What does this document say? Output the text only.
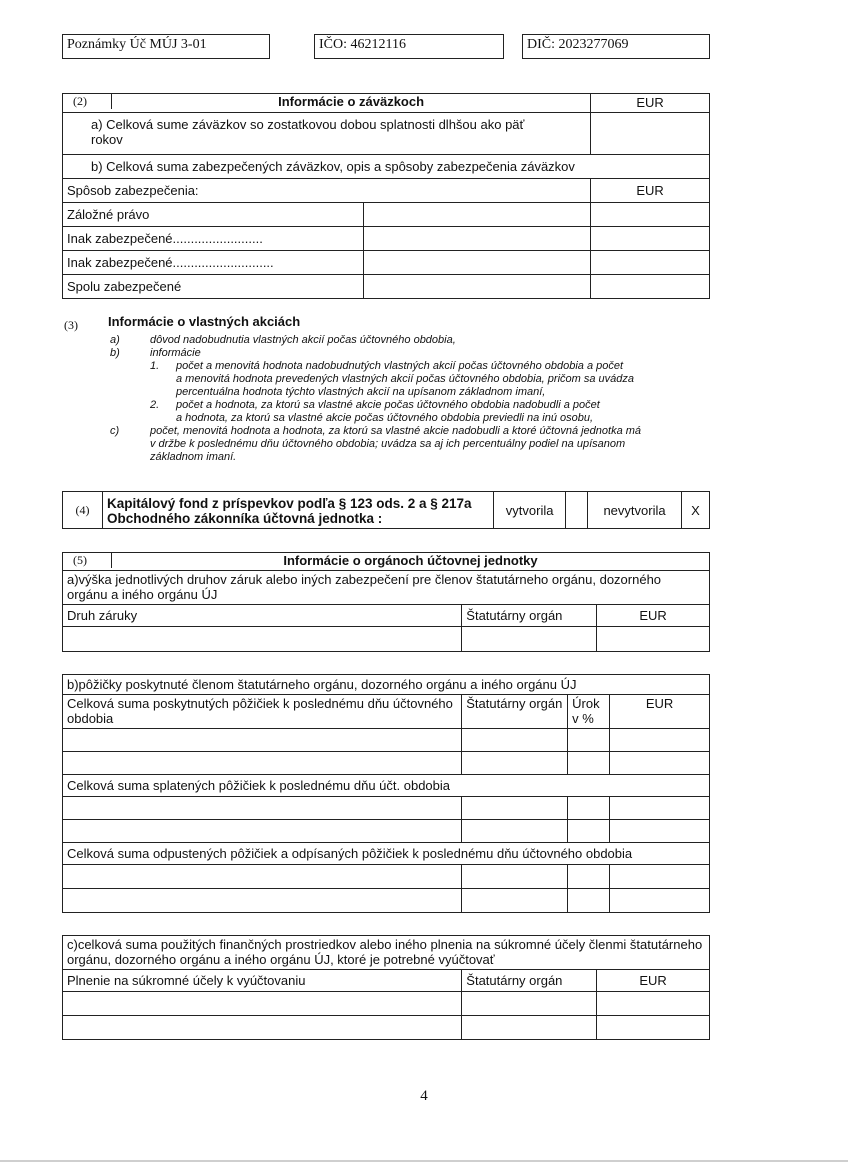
Poznámky Úč MÚJ 3-01	IČO: 46212116	DIČ: 2023277069
(2) Informácie o záväzkoch		EUR
a) Celková sume záväzkov so zostatkovou dobou splatnosti dlhšou ako päť rokov		
b) Celková suma zabezpečených záväzkov, opis a spôsoby zabezpečenia záväzkov		
Spôsob zabezpečenia:		EUR
Záložné právo		
Inak zabezpečené.........................		
Inak zabezpečené............................		
Spolu zabezpečené		
(3) Informácie o vlastných akciách
a)	dôvod nadobudnutia vlastných akcií počas účtovného obdobia,
b)	informácie
1. počet a menovitá hodnota nadobudnutých vlastných akcií počas účtovného obdobia a počet
a menovitá hodnota prevedených vlastných akcií počas účtovného obdobia, pričom sa uvádza
percentuálna hodnota týchto vlastných akcií na upísanom základnom imaní,
2. počet a hodnota, za ktorú sa vlastné akcie počas účtovného obdobia nadobudli a počet
a hodnota, za ktorú sa vlastné akcie počas účtovného obdobia previedli na inú osobu,
c)	počet, menovitá hodnota a hodnota, za ktorú sa vlastné akcie nadobudli a ktoré účtovná jednotka má
v držbe k poslednému dňu účtovného obdobia; uvádza sa aj ich percentuálny podiel na upísanom
základnom imaní.
(4)	Kapitálový fond z príspevkov podľa § 123 ods. 2 a § 217a
Obchodného zákonníka účtovná jednotka :
	vytvorila		nevytvorila	X
(5) Informácie o orgánoch účtovnej jednotky		

a)výška jednotlivých druhov záruk alebo iných zabezpečení pre členov štatutárneho orgánu, dozorného orgánu a iného orgánu ÚJ		
Druh záruky	Štatutárny orgán	EUR

b)pôžičky poskytnuté členom štatutárneho orgánu, dozorného orgánu a iného orgánu ÚJ			
Celková suma poskytnutých pôžičiek k poslednému dňu účtovného obdobia	Štatutárny orgán	Úrok v %	EUR

Celková suma splatených pôžičiek k poslednému dňu účt. obdobia			

Celková suma odpustených pôžičiek a odpísaných pôžičiek k poslednému dňu účtovného obdobia			

c)celková suma použitých finančných prostriedkov alebo iného plnenia na súkromné účely členmi štatutárneho orgánu, dozorného orgánu a iného orgánu ÚJ, ktoré je potrebné vyúčtovať		
Plnenie na súkromné účely k vyúčtovaniu	Štatutárny orgán	EUR

4
